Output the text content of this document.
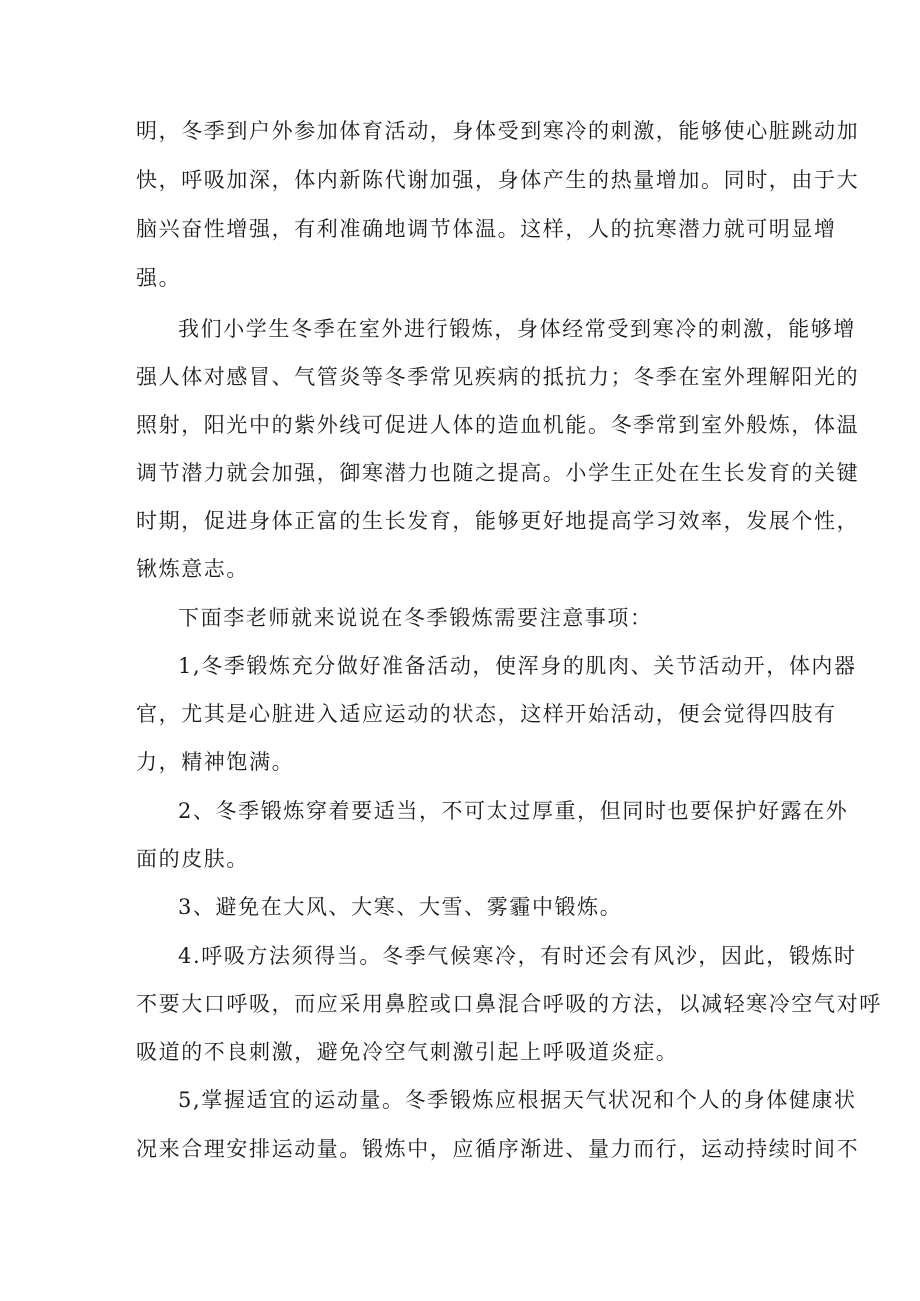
明，冬季到户外参加体育活动，身体受到寒冷的刺激，能够使心脏跳动加

快，呼吸加深，体内新陈代谢加强，身体产生的热量增加。同时，由于大

脑兴奋性增强，有利准确地调节体温。这样，人的抗寒潜力就可明显增

强。

我们小学生冬季在室外进行锻炼，身体经常受到寒冷的刺激，能够增

强人体对感冒、气管炎等冬季常见疾病的抵抗力；冬季在室外理解阳光的

照射，阳光中的紫外线可促进人体的造血机能。冬季常到室外般炼，体温

调节潜力就会加强，御寒潜力也随之提高。小学生正处在生长发育的关键

时期，促进身体正富的生长发育，能够更好地提高学习效率，发展个性，

锹炼意志。

下面李老师就来说说在冬季锻炼需要注意事项：

1,冬季锻炼充分做好准备活动，使浑身的肌肉、关节活动开，体内器

官，尤其是心脏进入适应运动的状态，这样开始活动，便会觉得四肢有

力，精神饱满。

2、冬季锻炼穿着要适当，不可太过厚重，但同时也要保护好露在外

面的皮肤。

3、避免在大风、大寒、大雪、雾霾中锻炼。

4.呼吸方法须得当。冬季气候寒冷，有时还会有风沙，因此，锻炼时

不要大口呼吸，而应采用鼻腔或口鼻混合呼吸的方法，以减轻寒冷空气对呼

吸道的不良刺激，避免冷空气刺激引起上呼吸道炎症。

5,掌握适宜的运动量。冬季锻炼应根据天气状况和个人的身体健康状

况来合理安排运动量。锻炼中，应循序渐进、量力而行，运动持续时间不
